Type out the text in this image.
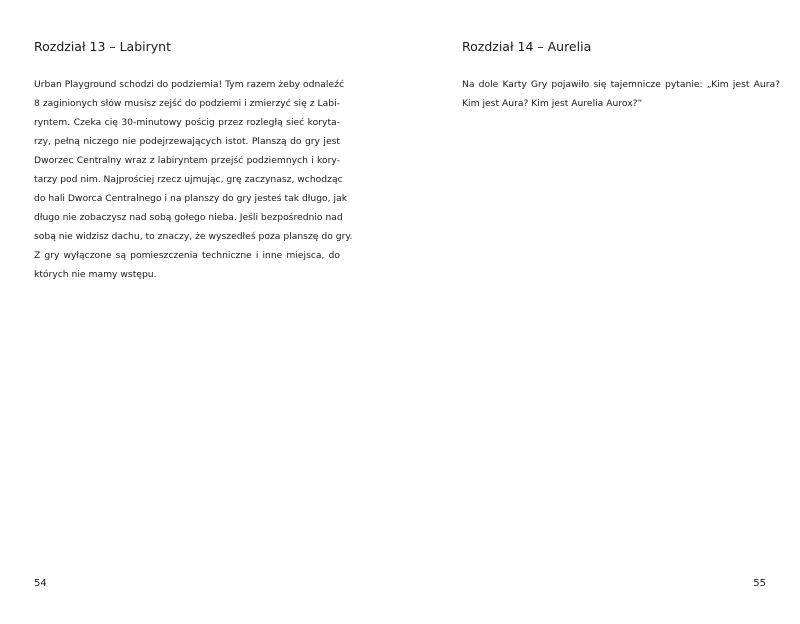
Rozdział 13 – Labirynt
Urban Playground schodzi do podziemia! Tym razem żeby odnaleźć
8 zaginionych słów musisz zejść do podziemi i zmierzyć się z Labi-
ryntem. Czeka cię 30-minutowy pościg przez rozległą sieć koryta-
rzy, pełną niczego nie podejrzewających istot. Planszą do gry jest
Dworzec Centralny wraz z labiryntem przejść podziemnych i kory-
tarzy pod nim. Najprościej rzecz ujmując, grę zaczynasz, wchodząc
do hali Dworca Centralnego i na planszy do gry jesteś tak długo, jak
długo nie zobaczysz nad sobą gołego nieba. Jeśli bezpośrednio nad
sobą nie widzisz dachu, to znaczy, że wyszedłeś poza planszę do gry.
Z gry wyłączone są pomieszczenia techniczne i inne miejsca, do
których nie mamy wstępu.
54
Rozdział 14 – Aurelia
Na dole Karty Gry pojawiło się tajemnicze pytanie: „Kim jest Aura?
Kim jest Aura? Kim jest Aurelia Aurox?”
55
